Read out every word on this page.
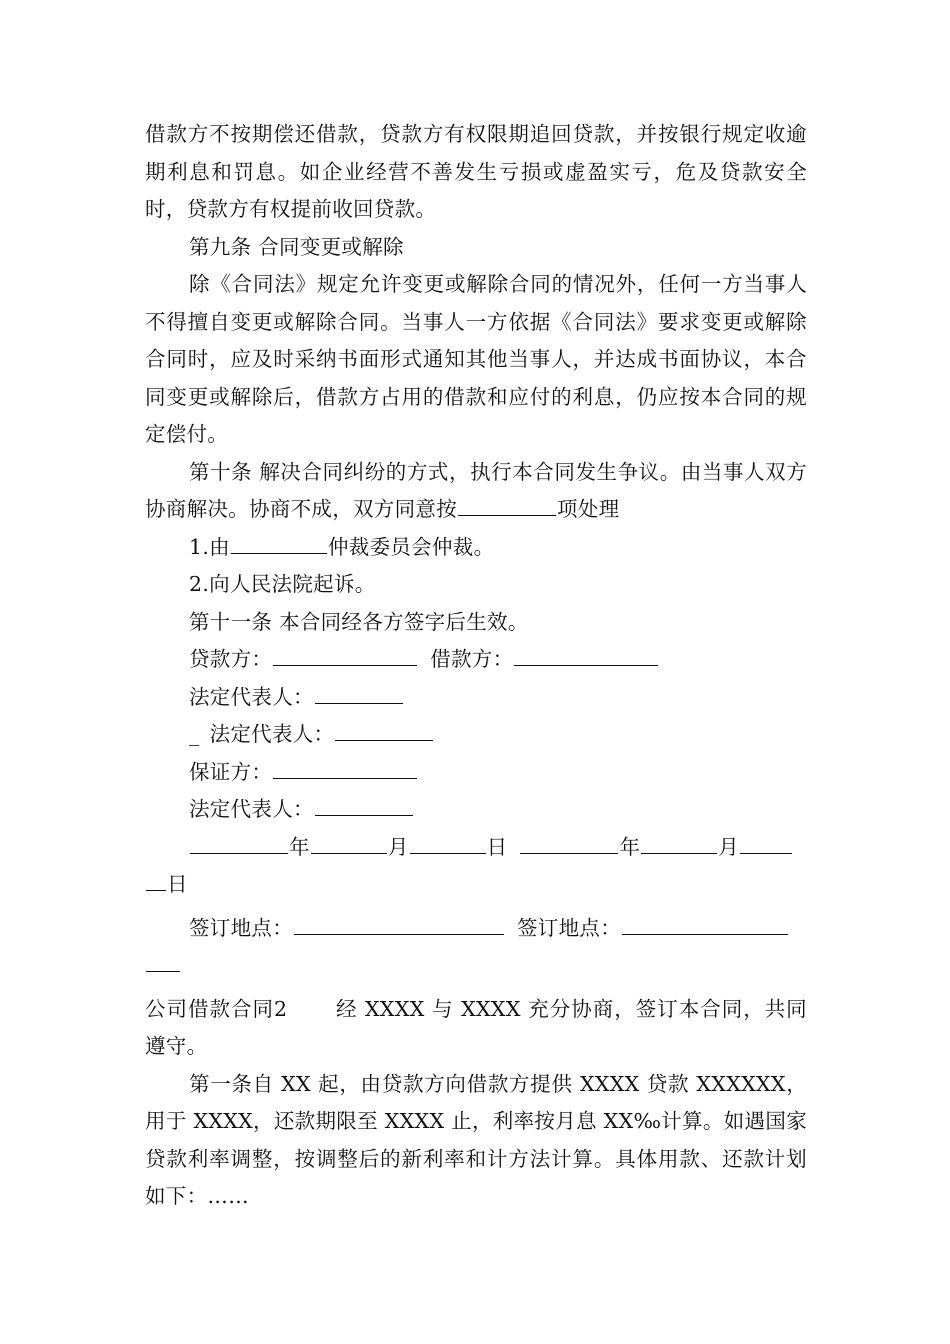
借款方不按期偿还借款，贷款方有权限期追回贷款，并按银行规定收逾期利息和罚息。如企业经营不善发生亏损或虚盈实亏，危及贷款安全时，贷款方有权提前收回贷款。

第九条 合同变更或解除

除《合同法》规定允许变更或解除合同的情况外，任何一方当事人不得擅自变更或解除合同。当事人一方依据《合同法》要求变更或解除合同时，应及时采纳书面形式通知其他当事人，并达成书面协议，本合同变更或解除后，借款方占用的借款和应付的利息，仍应按本合同的规定偿付。

第十条 解决合同纠纷的方式，执行本合同发生争议。由当事人双方协商解决。协商不成，双方同意按	项处理

1.由	仲裁委员会仲裁。

2.向人民法院起诉。

第十一条 本合同经各方签字后生效。

贷款方：	借款方：

法定代表人：

_ 法定代表人：

保证方：

法定代表人：

年	月	日	年	月

日

签订地点：	签订地点：

公司借款合同2 经 XXXX 与 XXXX 充分协商，签订本合同，共同遵守。

第一条自 XX 起，由贷款方向借款方提供 XXXX 贷款 XXXXXX，用于 XXXX，还款期限至 XXXX 止，利率按月息 XX‰计算。如遇国家贷款利率调整，按调整后的新利率和计方法计算。具体用款、还款计划如下：……
